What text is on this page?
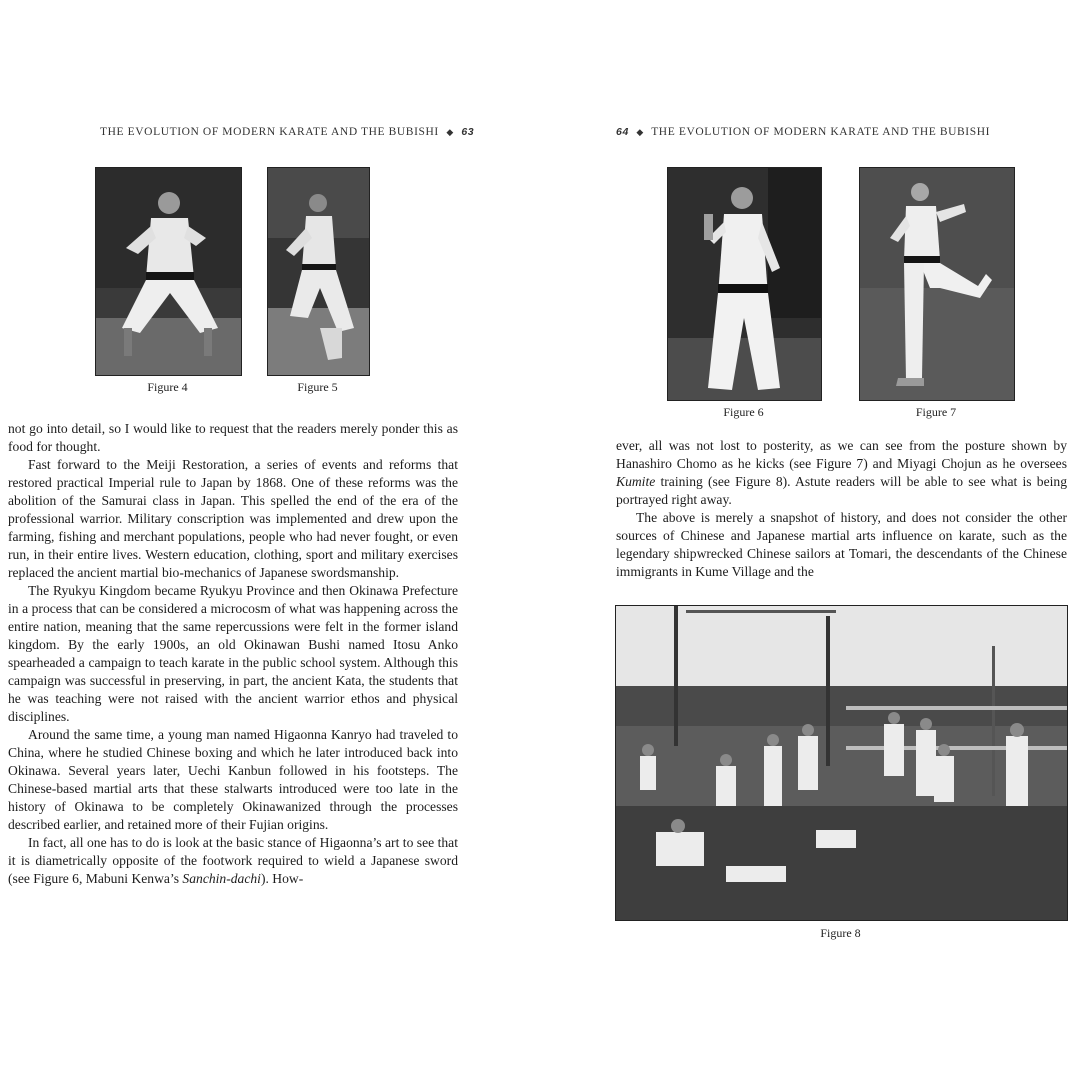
THE EVOLUTION OF MODERN KARATE AND THE BUBISHI ◆ 63
Figure 4	Figure 5

not go into detail, so I would like to request that the readers merely ponder this as food for thought.

Fast forward to the Meiji Restoration, a series of events and reforms that restored practical Imperial rule to Japan by 1868. One of these reforms was the abolition of the Samurai class in Japan. This spelled the end of the era of the professional warrior. Military conscription was implemented and drew upon the farming, fishing and merchant populations, people who had never fought, or even run, in their entire lives. Western education, clothing, sport and military exercises replaced the ancient martial bio-mechanics of Japanese swordsmanship.

The Ryukyu Kingdom became Ryukyu Province and then Okinawa Prefecture in a process that can be considered a microcosm of what was happening across the entire nation, meaning that the same repercussions were felt in the former island kingdom. By the early 1900s, an old Okinawan Bushi named Itosu Anko spearheaded a campaign to teach karate in the public school system. Although this campaign was successful in preserving, in part, the ancient Kata, the students that he was teaching were not raised with the ancient warrior ethos and physical disciplines.

Around the same time, a young man named Higaonna Kanryo had traveled to China, where he studied Chinese boxing and which he later introduced back into Okinawa. Several years later, Uechi Kanbun followed in his footsteps. The Chinese-based martial arts that these stalwarts introduced were too late in the history of Okinawa to be completely Okinawanized through the processes described earlier, and retained more of their Fujian origins.

In fact, all one has to do is look at the basic stance of Higaonna’s art to see that it is diametrically opposite of the footwork required to wield a Japanese sword (see Figure 6, Mabuni Kenwa’s Sanchin-dachi). How-

64 ◆ THE EVOLUTION OF MODERN KARATE AND THE BUBISHI
Figure 6	Figure 7

ever, all was not lost to posterity, as we can see from the posture shown by Hanashiro Chomo as he kicks (see Figure 7) and Miyagi Chojun as he oversees Kumite training (see Figure 8). Astute readers will be able to see what is being portrayed right away.

The above is merely a snapshot of history, and does not consider the other sources of Chinese and Japanese martial arts influence on karate, such as the legendary shipwrecked Chinese sailors at Tomari, the descendants of the Chinese immigrants in Kume Village and the

Figure 8
